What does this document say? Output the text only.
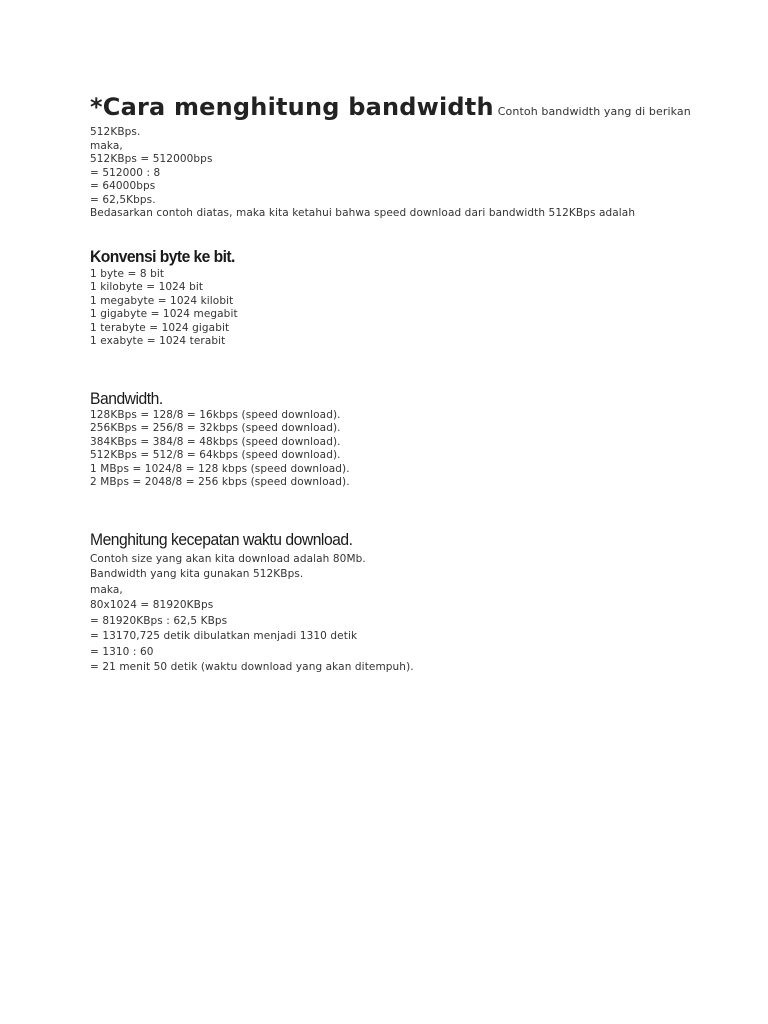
*Cara menghitung bandwidth Contoh bandwidth yang di berikan

512KBps.
maka,
512KBps = 512000bps
= 512000 : 8
= 64000bps
= 62,5Kbps.
Bedasarkan contoh diatas, maka kita ketahui bahwa speed download dari bandwidth 512KBps adalah
Konvensi byte ke bit.
1 byte = 8 bit
1 kilobyte = 1024 bit
1 megabyte = 1024 kilobit
1 gigabyte = 1024 megabit
1 terabyte = 1024 gigabit
1 exabyte = 1024 terabit
Bandwidth.
128KBps = 128/8 = 16kbps (speed download).
256KBps = 256/8 = 32kbps (speed download).
384KBps = 384/8 = 48kbps (speed download).
512KBps = 512/8 = 64kbps (speed download).
1 MBps = 1024/8 = 128 kbps (speed download).
2 MBps = 2048/8 = 256 kbps (speed download).
Menghitung kecepatan waktu download.
Contoh size yang akan kita download adalah 80Mb.
Bandwidth yang kita gunakan 512KBps.
maka,
80x1024 = 81920KBps
= 81920KBps : 62,5 KBps
= 13170,725 detik dibulatkan menjadi 1310 detik
= 1310 : 60
= 21 menit 50 detik (waktu download yang akan ditempuh).
